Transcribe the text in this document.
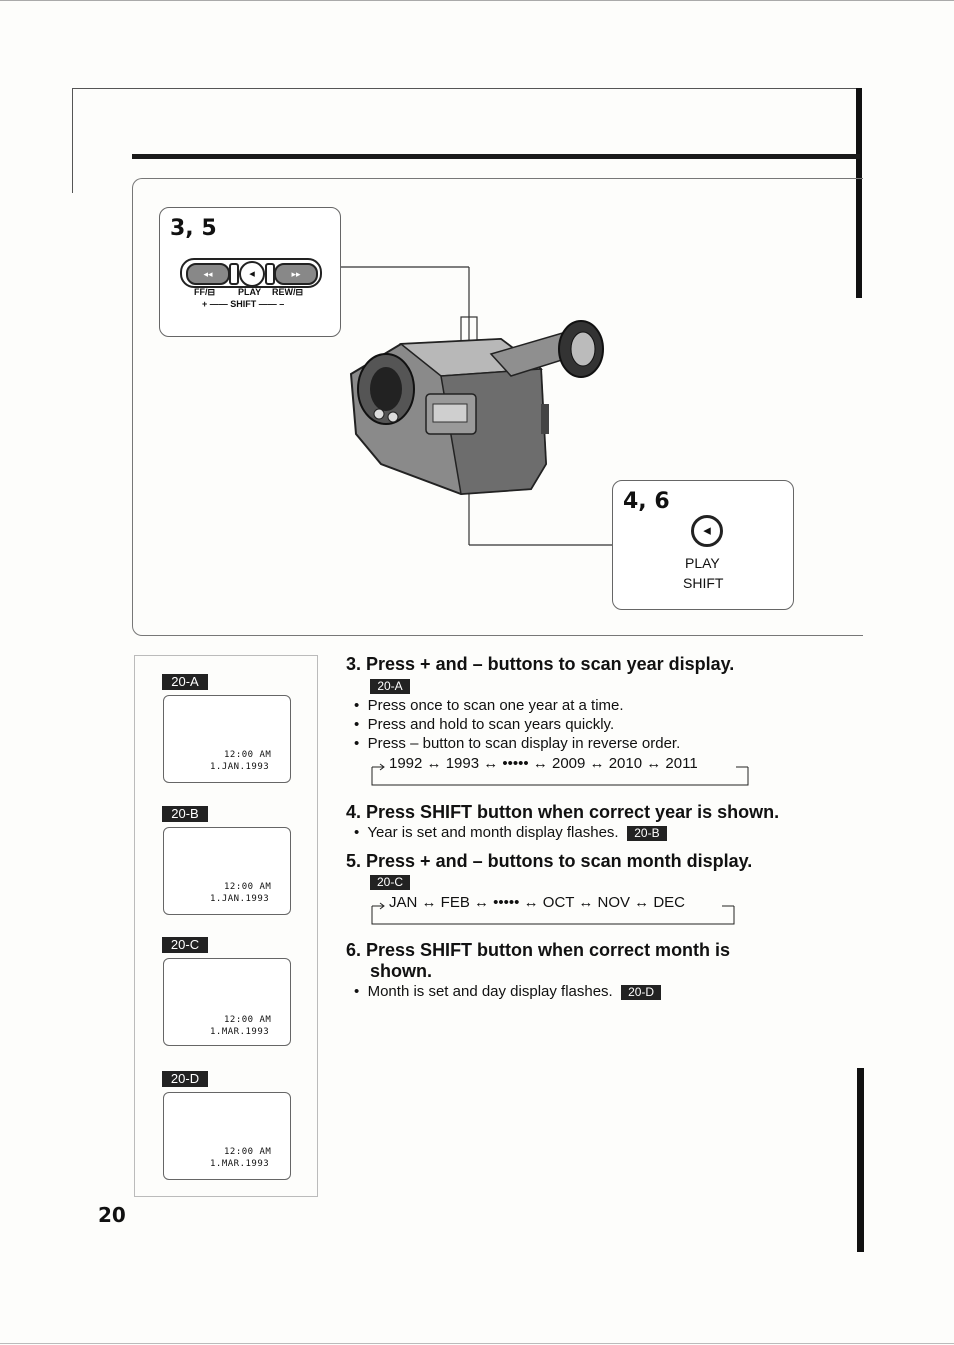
3, 5
◂◂	◂	▸▸
FF/⊟	PLAY REW/⊟
+ —— SHIFT —— –
4, 6
◂
PLAY
SHIFT
20-A
12:00 AM
1.JAN.1993
20-B
12:00 AM
1.JAN.1993
20-C
12:00 AM
1.MAR.1993
20-D
12:00 AM
1.MAR.1993
3. Press + and – buttons to scan year display.
20-A
•  Press once to scan one year at a time.
•  Press and hold to scan years quickly.
•  Press – button to scan display in reverse order.
1992 ↔ 1993 ↔ ••••• ↔ 2009 ↔ 2010 ↔ 2011
4. Press SHIFT button when correct year is shown.
•  Year is set and month display flashes. 20-B
5. Press + and – buttons to scan month display.
20-C
JAN ↔ FEB ↔ ••••• ↔ OCT ↔ NOV ↔ DEC
6. Press SHIFT button when correct month is
shown.
•  Month is set and day display flashes. 20-D
20
